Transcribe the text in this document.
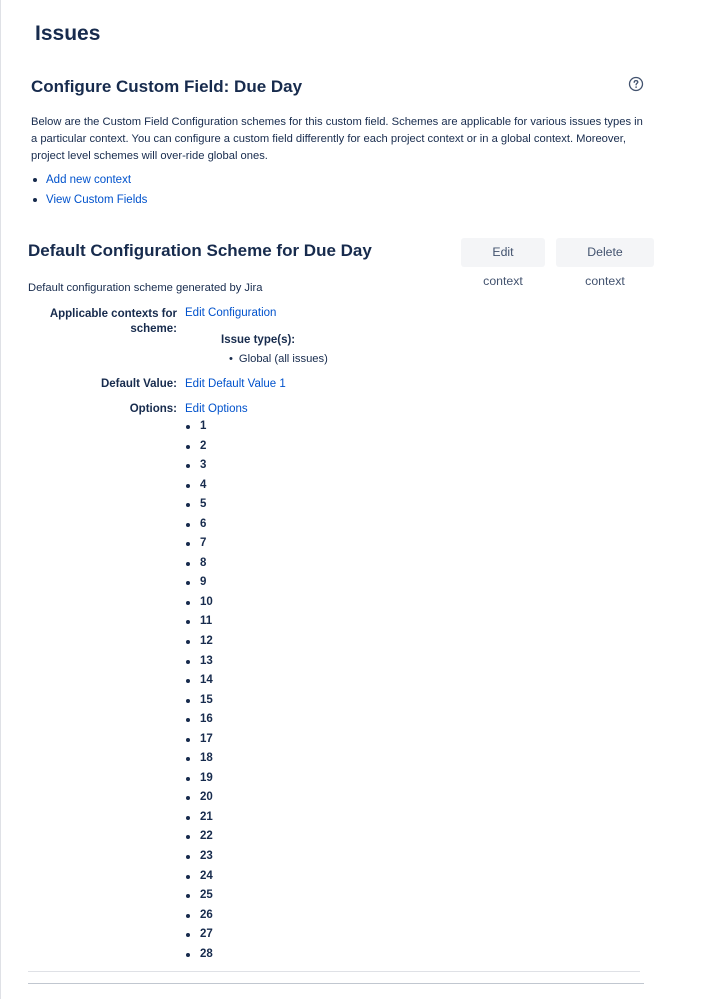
Issues
Configure Custom Field: Due Day
Below are the Custom Field Configuration schemes for this custom field. Schemes are applicable for various issues types in a particular context. You can configure a custom field differently for each project context or in a global context. Moreover, project level schemes will over-ride global ones.
Add new context
View Custom Fields
Default Configuration Scheme for Due Day	Edit context
Delete context
Default configuration scheme generated by Jira
Applicable contexts for scheme:
Edit Configuration
Issue type(s):
• Global (all issues)
Default Value: Edit Default Value 1
Options: Edit Options
1
2
3
4
5
6
7
8
9
10
11
12
13
14
15
16
17
18
19
20
21
22
23
24
25
26
27
28
